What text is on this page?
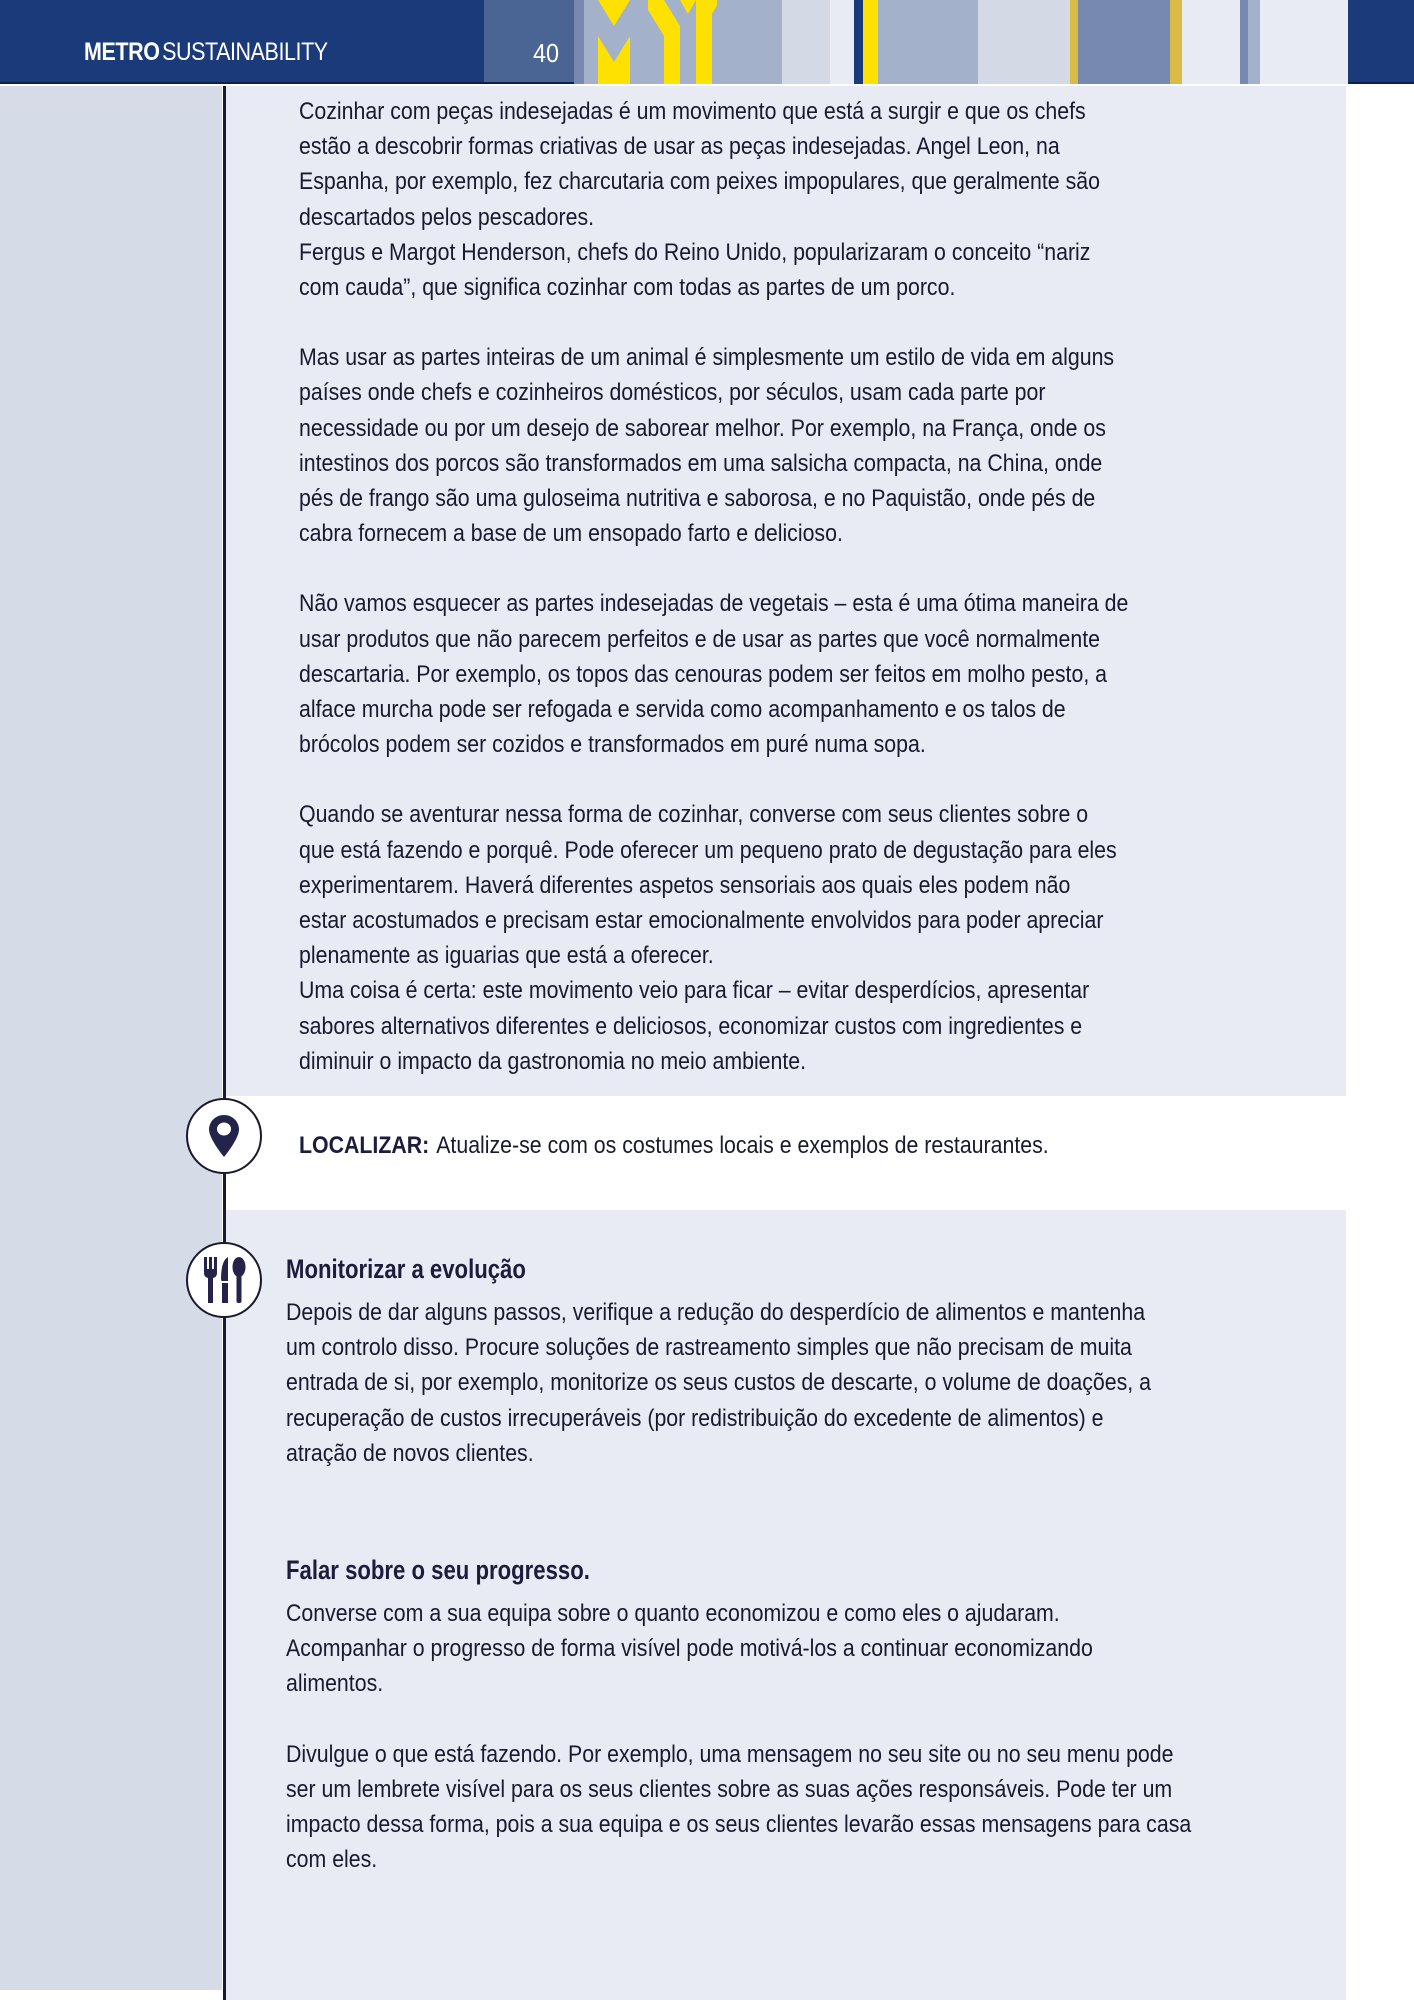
METRO SUSTAINABILITY	40

Cozinhar com peças indesejadas é um movimento que está a surgir e que os chefs

estão a descobrir formas criativas de usar as peças indesejadas. Angel Leon, na

Espanha, por exemplo, fez charcutaria com peixes impopulares, que geralmente são

descartados pelos pescadores.

Fergus e Margot Henderson, chefs do Reino Unido, popularizaram o conceito “nariz

com cauda”, que significa cozinhar com todas as partes de um porco.

Mas usar as partes inteiras de um animal é simplesmente um estilo de vida em alguns

países onde chefs e cozinheiros domésticos, por séculos, usam cada parte por

necessidade ou por um desejo de saborear melhor. Por exemplo, na França, onde os

intestinos dos porcos são transformados em uma salsicha compacta, na China, onde

pés de frango são uma guloseima nutritiva e saborosa, e no Paquistão, onde pés de

cabra fornecem a base de um ensopado farto e delicioso.

Não vamos esquecer as partes indesejadas de vegetais – esta é uma ótima maneira de

usar produtos que não parecem perfeitos e de usar as partes que você normalmente

descartaria. Por exemplo, os topos das cenouras podem ser feitos em molho pesto, a

alface murcha pode ser refogada e servida como acompanhamento e os talos de

brócolos podem ser cozidos e transformados em puré numa sopa.

Quando se aventurar nessa forma de cozinhar, converse com seus clientes sobre o

que está fazendo e porquê. Pode oferecer um pequeno prato de degustação para eles

experimentarem. Haverá diferentes aspetos sensoriais aos quais eles podem não

estar acostumados e precisam estar emocionalmente envolvidos para poder apreciar

plenamente as iguarias que está a oferecer.

Uma coisa é certa: este movimento veio para ficar – evitar desperdícios, apresentar

sabores alternativos diferentes e deliciosos, economizar custos com ingredientes e

diminuir o impacto da gastronomia no meio ambiente.

LOCALIZAR: Atualize-se com os costumes locais e exemplos de restaurantes.
Monitorizar a evolução

Depois de dar alguns passos, verifique a redução do desperdício de alimentos e mantenha

um controlo disso. Procure soluções de rastreamento simples que não precisam de muita

entrada de si, por exemplo, monitorize os seus custos de descarte, o volume de doações, a

recuperação de custos irrecuperáveis (por redistribuição do excedente de alimentos) e

atração de novos clientes.

Falar sobre o seu progresso.

Converse com a sua equipa sobre o quanto economizou e como eles o ajudaram.

Acompanhar o progresso de forma visível pode motivá-los a continuar economizando

alimentos.

Divulgue o que está fazendo. Por exemplo, uma mensagem no seu site ou no seu menu pode

ser um lembrete visível para os seus clientes sobre as suas ações responsáveis. Pode ter um

impacto dessa forma, pois a sua equipa e os seus clientes levarão essas mensagens para casa

com eles.
